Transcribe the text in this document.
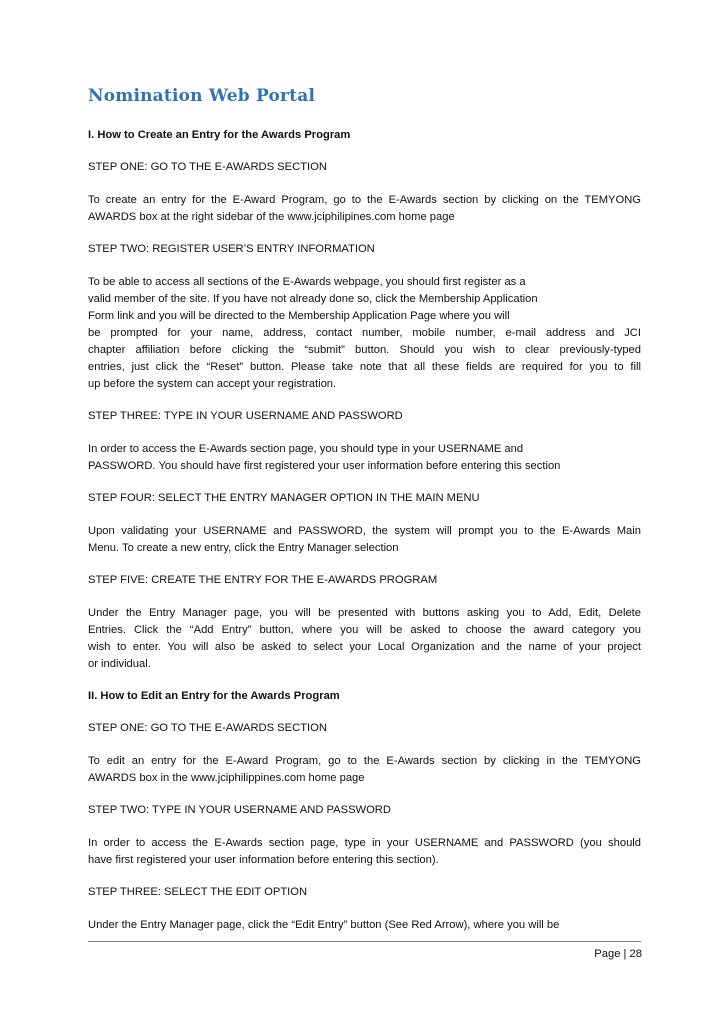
Nomination Web Portal
I. How to Create an Entry for the Awards Program
STEP ONE: GO TO THE E-AWARDS SECTION
To create an entry for the E-Award Program, go to the E-Awards section by clicking on the TEMYONG
AWARDS box at the right sidebar of the www.jciphilipines.com home page
STEP TWO: REGISTER USER’S ENTRY INFORMATION
To be able to access all sections of the E-Awards webpage, you should first register as a
valid member of the site. If you have not already done so, click the Membership Application
Form link and you will be directed to the Membership Application Page where you will
be prompted for your name, address, contact number, mobile number, e-mail address and JCI
chapter affiliation before clicking the “submit” button. Should you wish to clear previously-typed
entries, just click the “Reset” button. Please take note that all these fields are required for you to fill
up before the system can accept your registration.
STEP THREE: TYPE IN YOUR USERNAME AND PASSWORD
In order to access the E-Awards section page, you should type in your USERNAME and
PASSWORD. You should have first registered your user information before entering this section
STEP FOUR: SELECT THE ENTRY MANAGER OPTION IN THE MAIN MENU
Upon validating your USERNAME and PASSWORD, the system will prompt you to the E-Awards Main
Menu. To create a new entry, click the Entry Manager selection
STEP FIVE: CREATE THE ENTRY FOR THE E-AWARDS PROGRAM
Under the Entry Manager page, you will be presented with buttons asking you to Add, Edit, Delete
Entries. Click the “Add Entry” button, where you will be asked to choose the award category you
wish to enter. You will also be asked to select your Local Organization and the name of your project
or individual.
II. How to Edit an Entry for the Awards Program
STEP ONE: GO TO THE E-AWARDS SECTION
To edit an entry for the E-Award Program, go to the E-Awards section by clicking in the TEMYONG
AWARDS box in the www.jciphilippines.com home page
STEP TWO: TYPE IN YOUR USERNAME AND PASSWORD
In order to access the E-Awards section page, type in your USERNAME and PASSWORD (you should
have first registered your user information before entering this section).
STEP THREE: SELECT THE EDIT OPTION
Under the Entry Manager page, click the “Edit Entry” button (See Red Arrow), where you will be
Page | 28
